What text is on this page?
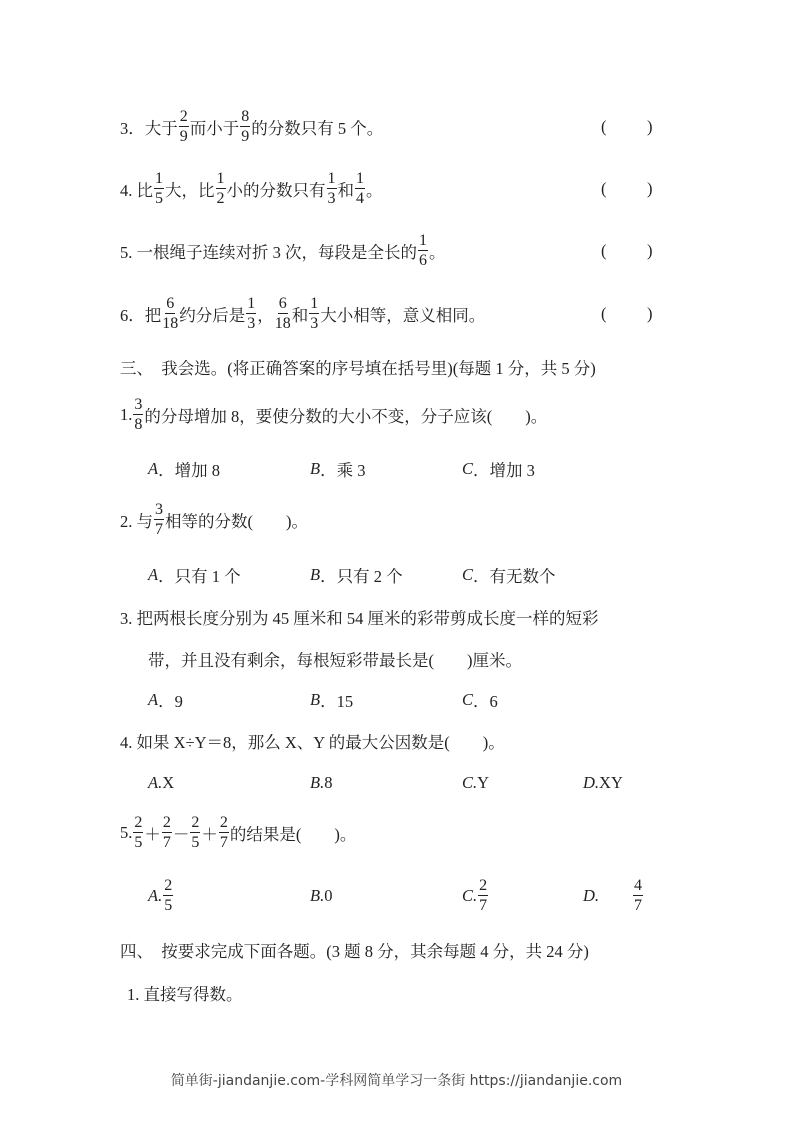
3．大于 $\frac{2}{9}$ 而小于 $\frac{8}{9}$ 的分数只有 5 个。	( )
4. 比 $\frac{1}{5}$ 大，比 $\frac{1}{2}$ 小的分数只有 $\frac{1}{3}$ 和 $\frac{1}{4}$ 。	( )
5. 一根绳子连续对折 3 次，每段是全长的 $\frac{1}{6}$ 。	( )
6．把 $\frac{6}{18}$ 约分后是 $\frac{1}{3}$ ， $\frac{6}{18}$ 和 $\frac{1}{3}$ 大小相等，意义相同。	( )
三、　我会选。(将正确答案的序号填在括号里)(每题 1 分，共 5 分)
1. $\frac{3}{8}$ 的分母增加 8，要使分数的大小不变，分子应该(　　)。
A ．增加 8	B ．乘 3	C ．增加 3
2. 与 $\frac{3}{7}$ 相等的分数(　　)。
A ．只有 1 个	B ．只有 2 个	C ．有无数个
3. 把两根长度分别为 45 厘米和 54 厘米的彩带剪成长度一样的短彩
带，并且没有剩余，每根短彩带最长是(　　)厘米。
A ．9	B ．15	C ．6
4. 如果 X÷Y＝8，那么 X、Y 的最大公因数是(　　)。
A. X	B. 8	C. Y	D. XY
5. $\frac{2}{5} + \frac{2}{7} - \frac{2}{5} + \frac{2}{7}$ 的结果是(　　)。
A. $\frac{2}{5}$	B. 0	C. $\frac{2}{7}$	D.
　　 $\frac{4}{7}$
四、　按要求完成下面各题。(3 题 8 分，其余每题 4 分，共 24 分)
1. 直接写得数。
简单街-jiandanjie.com-学科网简单学习一条街 https://jiandanjie.com
